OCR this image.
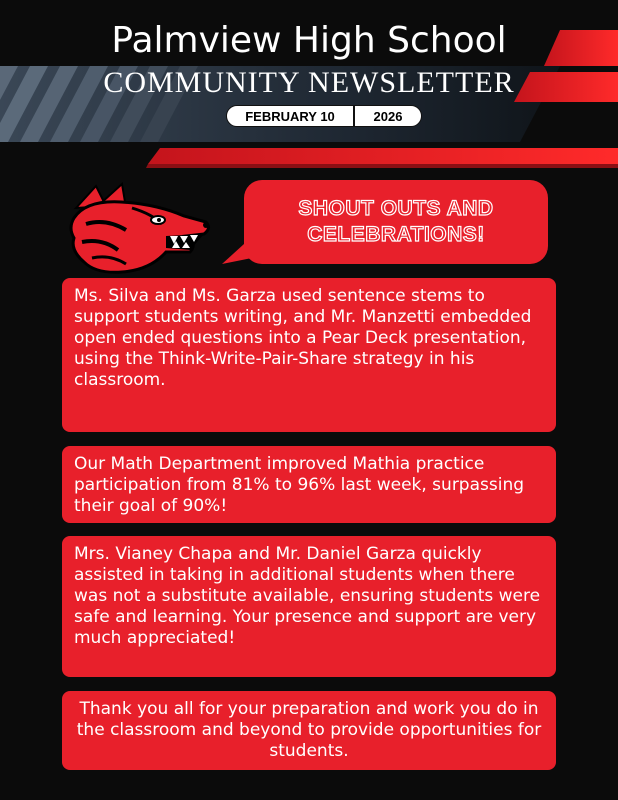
Palmview High School
COMMUNITY NEWSLETTER
FEBRUARY 10	2026
SHOUT OUTS AND
CELEBRATIONS!
Ms. Silva and Ms. Garza used sentence stems to support students writing, and Mr. Manzetti embedded open ended questions into a Pear Deck presentation, using the Think-Write-Pair-Share strategy in his classroom.
Our Math Department improved Mathia practice participation from 81% to 96% last week, surpassing their goal of 90%!
Mrs. Vianey Chapa and Mr. Daniel Garza quickly assisted in taking in additional students when there was not a substitute available, ensuring students were safe and learning. Your presence and support are very much appreciated!
Thank you all for your preparation and work you do in the classroom and beyond to provide opportunities for students.
